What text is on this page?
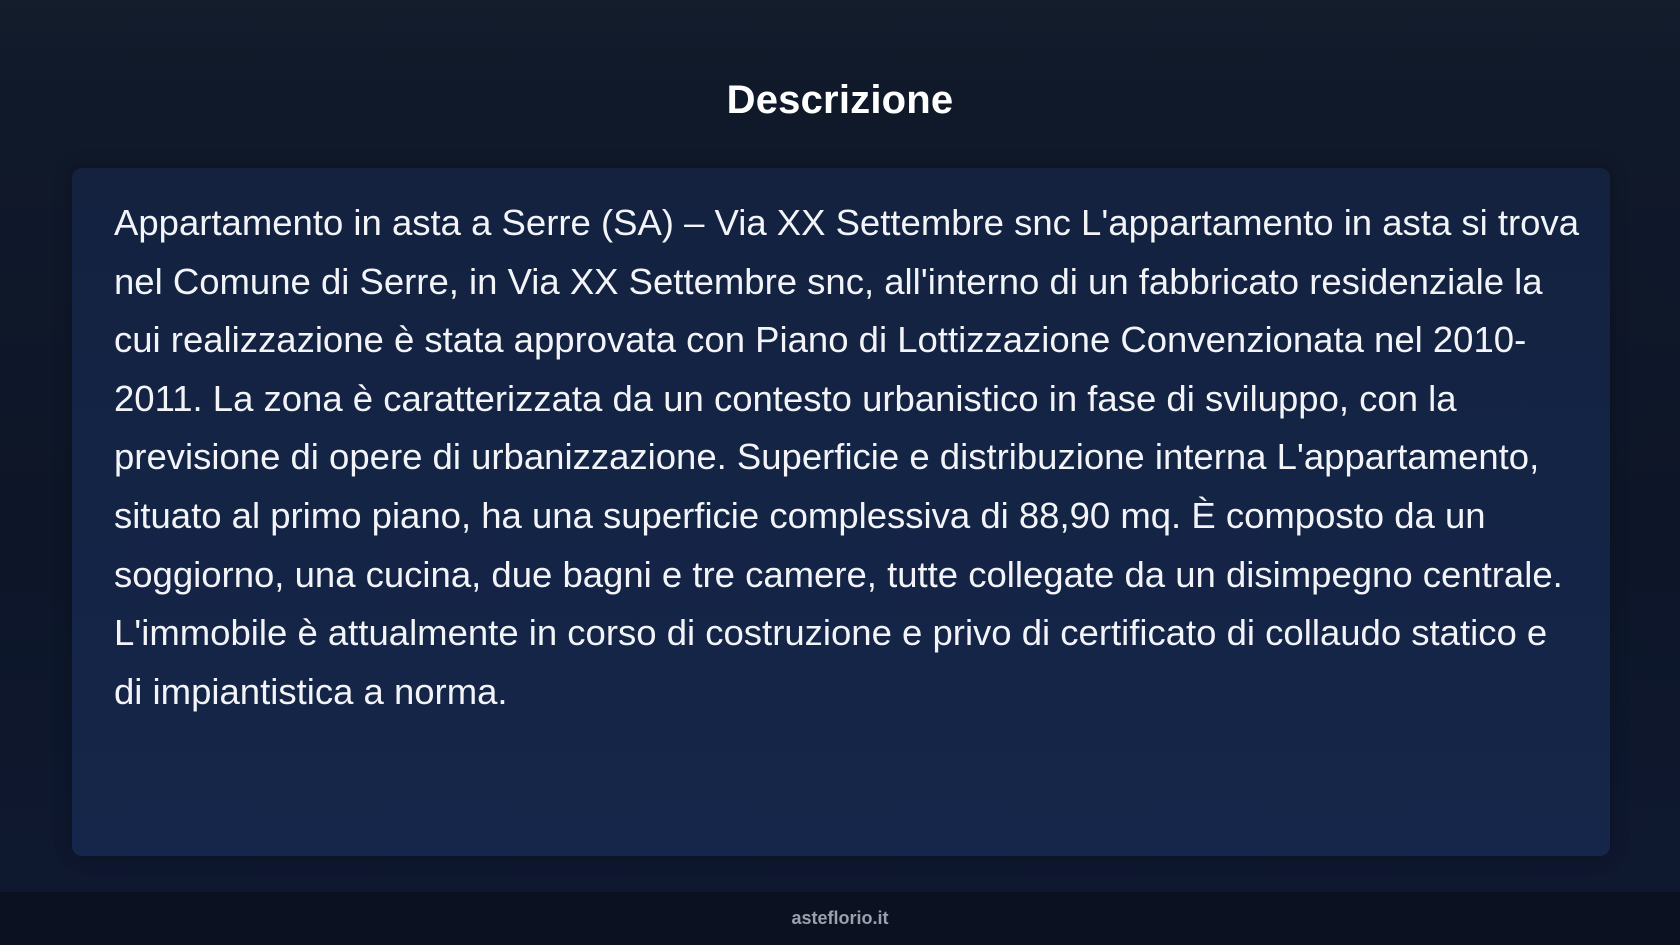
Descrizione

Appartamento in asta a Serre (SA) – Via XX Settembre snc L'appartamento in asta si trova nel Comune di Serre, in Via XX Settembre snc, all'interno di un fabbricato residenziale la cui realizzazione è stata approvata con Piano di Lottizzazione Convenzionata nel 2010-2011. La zona è caratterizzata da un contesto urbanistico in fase di sviluppo, con la previsione di opere di urbanizzazione. Superficie e distribuzione interna L'appartamento, situato al primo piano, ha una superficie complessiva di 88,90 mq. È composto da un soggiorno, una cucina, due bagni e tre camere, tutte collegate da un disimpegno centrale. L'immobile è attualmente in corso di costruzione e privo di certificato di collaudo statico e di impiantistica a norma.

asteflorio.it
